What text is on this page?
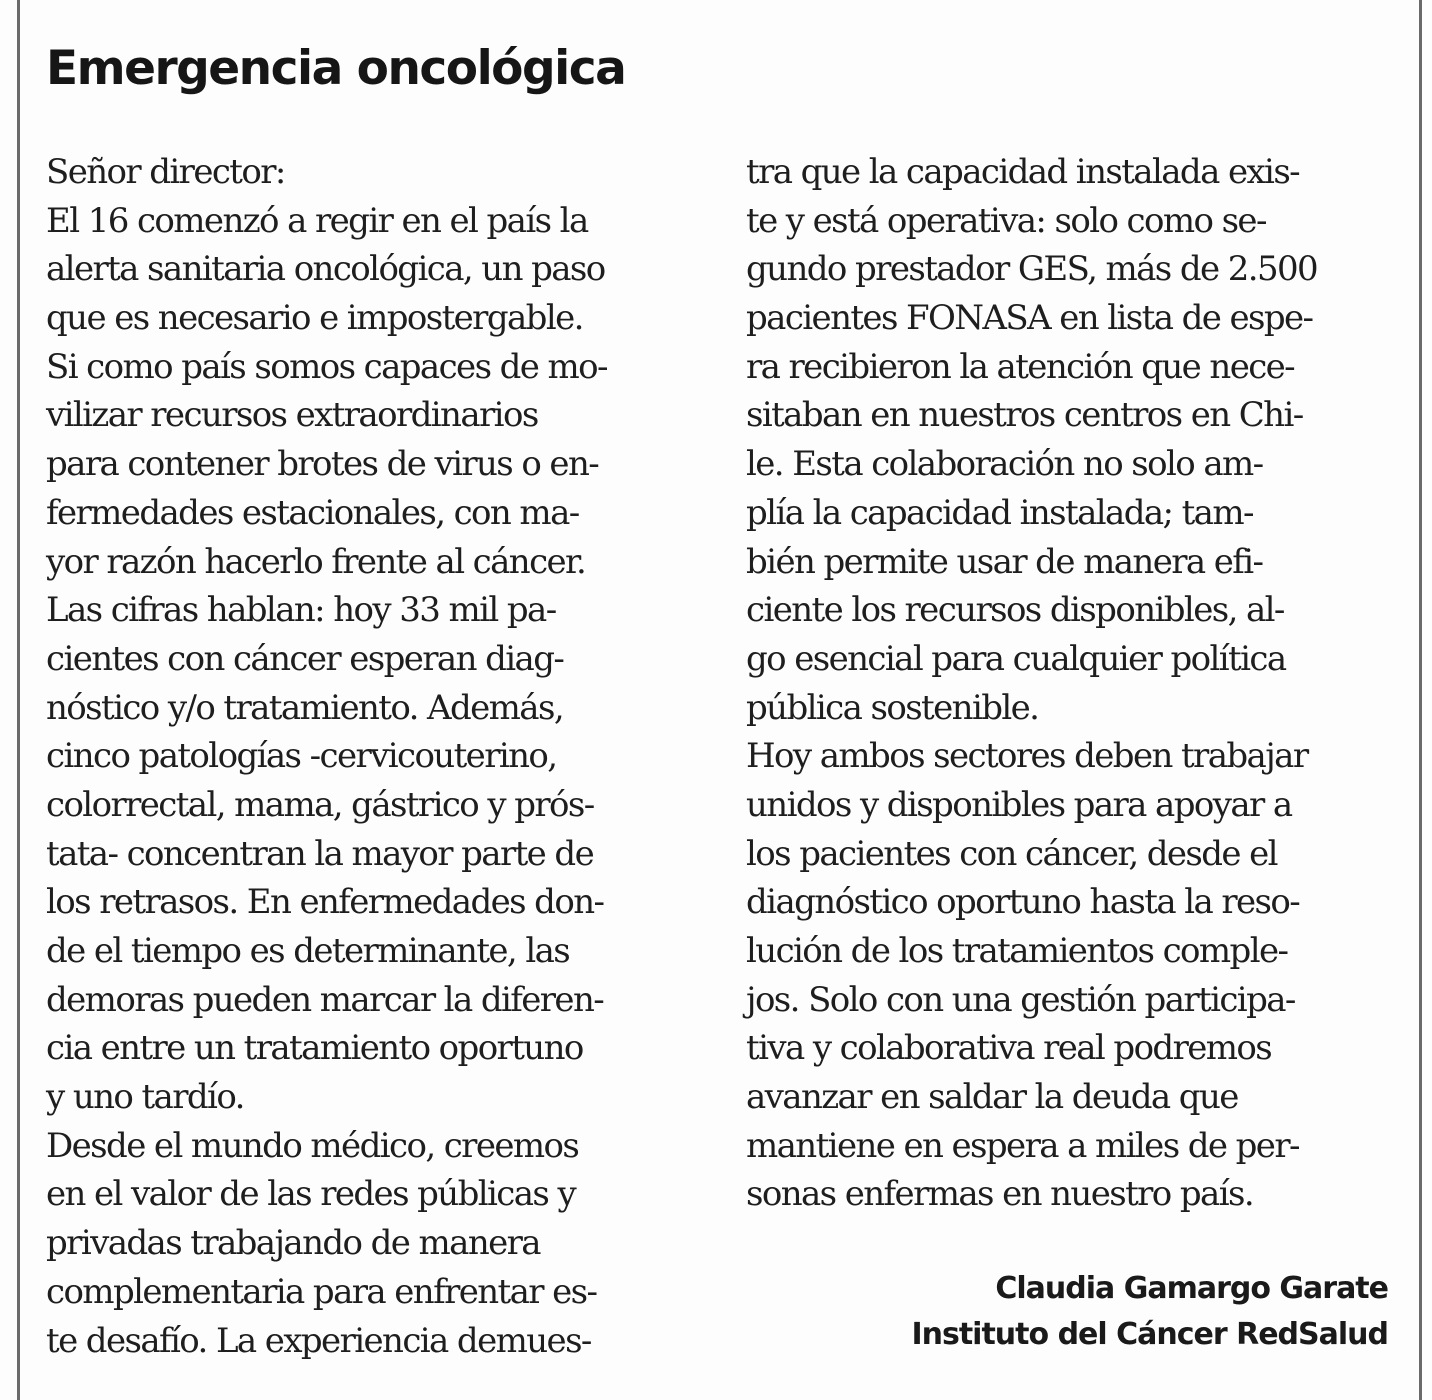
Emergencia oncológica
Señor director:
El 16 comenzó a regir en el país la
alerta sanitaria oncológica, un paso
que es necesario e impostergable.
Si como país somos capaces de mo-
vilizar recursos extraordinarios
para contener brotes de virus o en-
fermedades estacionales, con ma-
yor razón hacerlo frente al cáncer.
Las cifras hablan: hoy 33 mil pa-
cientes con cáncer esperan diag-
nóstico y/o tratamiento. Además,
cinco patologías -cervicouterino,
colorrectal, mama, gástrico y prós-
tata- concentran la mayor parte de
los retrasos. En enfermedades don-
de el tiempo es determinante, las
demoras pueden marcar la diferen-
cia entre un tratamiento oportuno
y uno tardío.
Desde el mundo médico, creemos
en el valor de las redes públicas y
privadas trabajando de manera
complementaria para enfrentar es-
te desafío. La experiencia demues-
tra que la capacidad instalada exis-
te y está operativa: solo como se-
gundo prestador GES, más de 2.500
pacientes FONASA en lista de espe-
ra recibieron la atención que nece-
sitaban en nuestros centros en Chi-
le. Esta colaboración no solo am-
plía la capacidad instalada; tam-
bién permite usar de manera efi-
ciente los recursos disponibles, al-
go esencial para cualquier política
pública sostenible.
Hoy ambos sectores deben trabajar
unidos y disponibles para apoyar a
los pacientes con cáncer, desde el
diagnóstico oportuno hasta la reso-
lución de los tratamientos comple-
jos. Solo con una gestión participa-
tiva y colaborativa real podremos
avanzar en saldar la deuda que
mantiene en espera a miles de per-
sonas enfermas en nuestro país.
Claudia Gamargo Garate
Instituto del Cáncer RedSalud
